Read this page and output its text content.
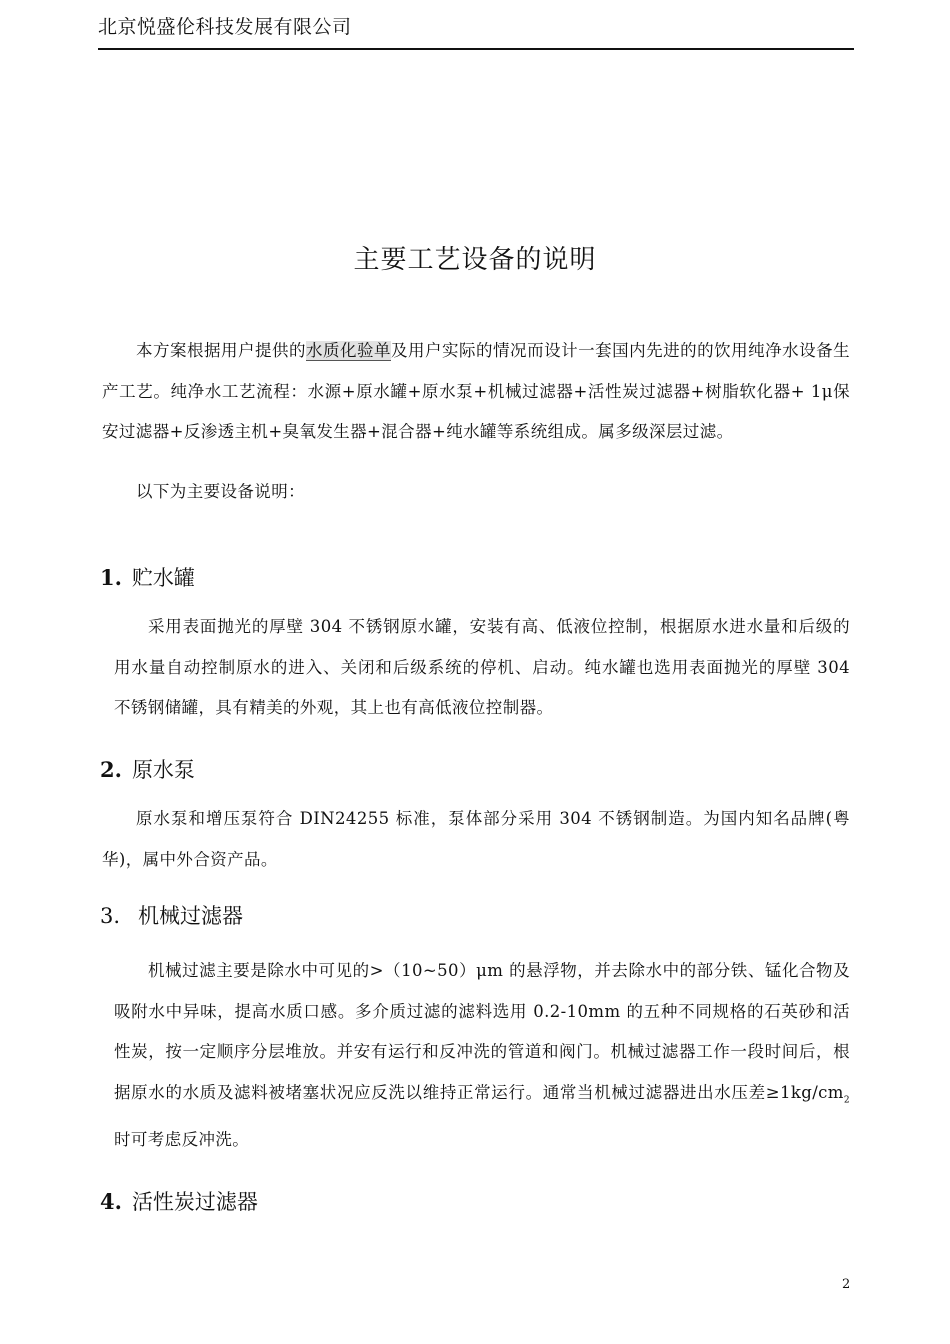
北京悦盛伦科技发展有限公司
主要工艺设备的说明

本方案根据用户提供的水质化验单及用户实际的情况而设计一套国内先进的的饮用纯净水设备生产工艺。纯净水工艺流程：水源+原水罐+原水泵+机械过滤器+活性炭过滤器+树脂软化器+ 1μ保安过滤器+反渗透主机+臭氧发生器+混合器+纯水罐等系统组成。属多级深层过滤。

以下为主要设备说明：

1. 贮水罐

采用表面抛光的厚壁 304 不锈钢原水罐，安装有高、低液位控制，根据原水进水量和后级的用水量自动控制原水的进入、关闭和后级系统的停机、启动。纯水罐也选用表面抛光的厚壁 304 不锈钢储罐，具有精美的外观，其上也有高低液位控制器。

2. 原水泵

原水泵和增压泵符合 DIN24255 标准，泵体部分采用 304 不锈钢制造。为国内知名品牌(粤华)，属中外合资产品。

3. 机械过滤器

机械过滤主要是除水中可见的>（10~50）μm 的悬浮物，并去除水中的部分铁、锰化合物及吸附水中异味，提高水质口感。多介质过滤的滤料选用 0.2-10mm 的五种不同规格的石英砂和活性炭，按一定顺序分层堆放。并安有运行和反冲洗的管道和阀门。机械过滤器工作一段时间后，根据原水的水质及滤料被堵塞状况应反洗以维持正常运行。通常当机械过滤器进出水压差$\ge 1kg/cm_2$时可考虑反冲洗。

4. 活性炭过滤器
2
